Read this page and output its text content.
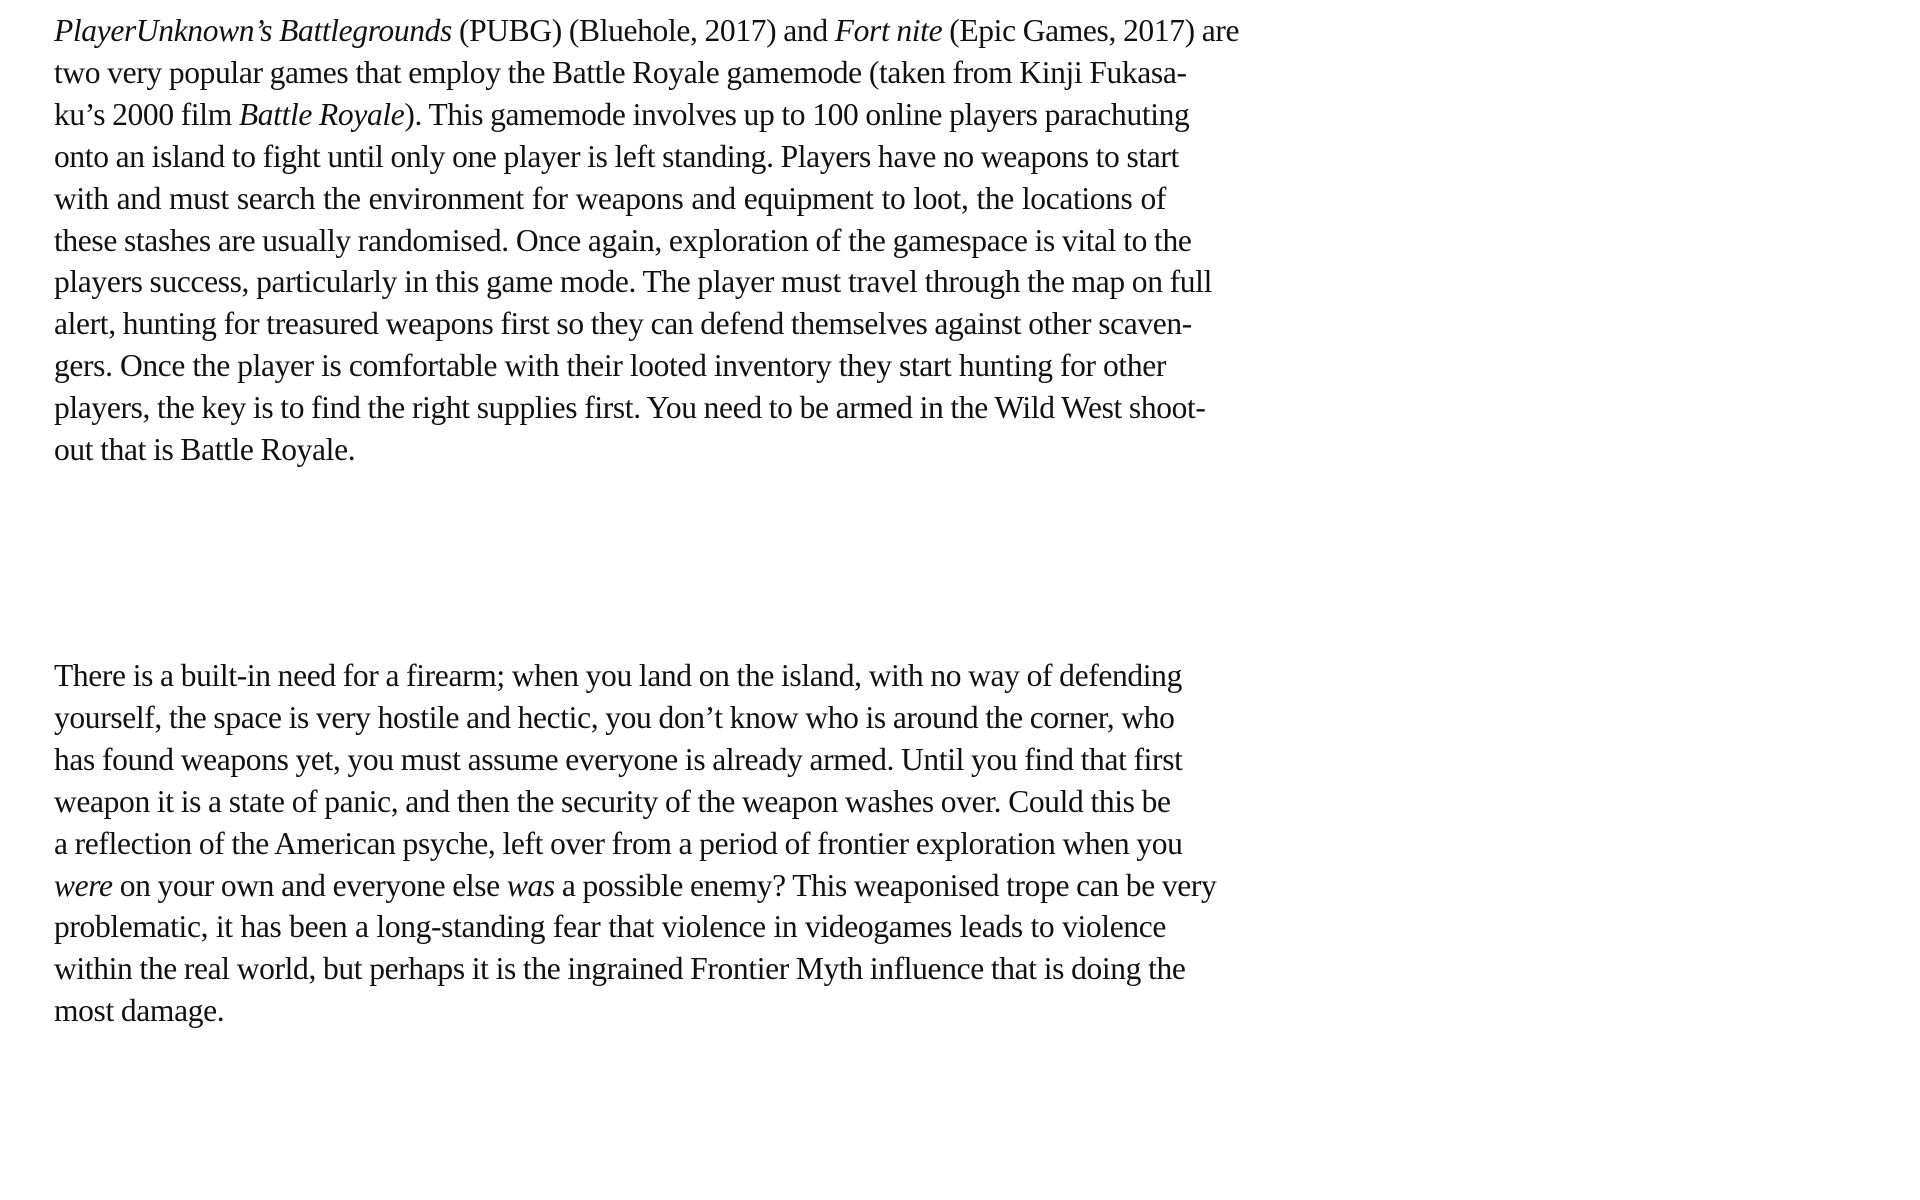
PlayerUnknown’s Battlegrounds (PUBG) (Bluehole, 2017) and Fort nite (Epic Games, 2017) are
two very popular games that employ the Battle Royale gamemode (taken from Kinji Fukasa-
ku’s 2000 film Battle Royale). This gamemode involves up to 100 online players parachuting
onto an island to fight until only one player is left standing. Players have no weapons to start
with and must search the environment for weapons and equipment to loot, the locations of
these stashes are usually randomised. Once again, exploration of the gamespace is vital to the
players success, particularly in this game mode. The player must travel through the map on full
alert, hunting for treasured weapons first so they can defend themselves against other scaven-
gers. Once the player is comfortable with their looted inventory they start hunting for other
players, the key is to find the right supplies first. You need to be armed in the Wild West shoot-
out that is Battle Royale.

There is a built-in need for a firearm; when you land on the island, with no way of defending
yourself, the space is very hostile and hectic, you don’t know who is around the corner, who
has found weapons yet, you must assume everyone is already armed. Until you find that first
weapon it is a state of panic, and then the security of the weapon washes over. Could this be
a reflection of the American psyche, left over from a period of frontier exploration when you
were on your own and everyone else was a possible enemy? This weaponised trope can be very
problematic, it has been a long-standing fear that violence in videogames leads to violence
within the real world, but perhaps it is the ingrained Frontier Myth influence that is doing the
most damage.
